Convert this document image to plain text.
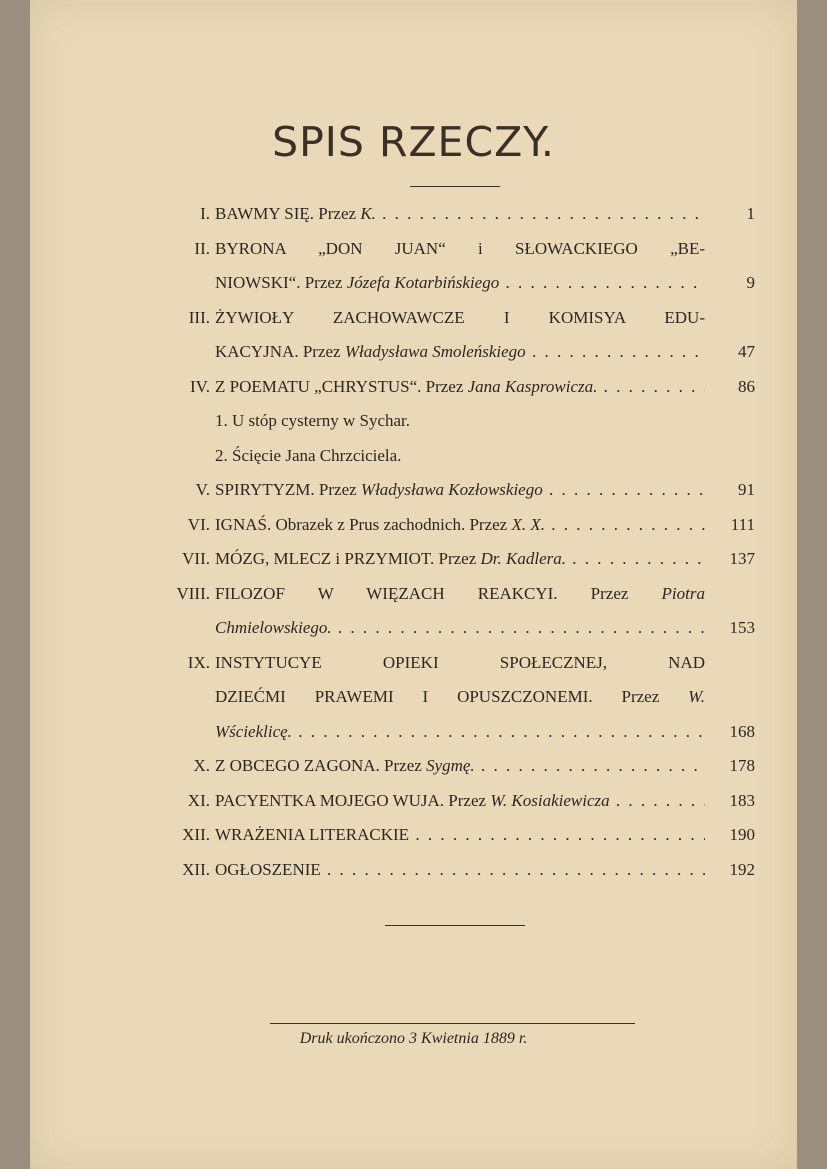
SPIS RZECZY.
I. BAWMY SIĘ. Przez K. . . .	1
II. BYRONA „DON JUAN“ i SŁOWACKIEGO „BE-
NIOWSKI“. Przez Józefa Kotarbińskiego . . .	9
III. ŻYWIOŁY ZACHOWAWCZE I KOMISYA EDU-
KACYJNA. Przez Władysława Smoleńskiego . . .	47
IV. Z POEMATU „CHRYSTUS“. Przez Jana Kasprowicza. . . .	86
1. U stóp cysterny w Sychar.
2. Ścięcie Jana Chrzciciela.
V. SPIRYTYZM. Przez Władysława Kozłowskiego . . .	91
VI. IGNAŚ. Obrazek z Prus zachodnich. Przez X. X. . . .	111
VII. MÓZG, MLECZ i PRZYMIOT. Przez Dr. Kadlera. . . .	137
VIII. FILOZOF W WIĘZACH REAKCYI. Przez Piotra
Chmielowskiego. . . .	153
IX. INSTYTUCYE OPIEKI SPOŁECZNEJ, NAD
DZIEĆMI PRAWEMI I OPUSZCZONEMI. Przez W.
Wścieklicę. . . .	168
X. Z OBCEGO ZAGONA. Przez Sygmę. . . .	178
XI. PACYENTKA MOJEGO WUJA. Przez W. Kosiakiewicza . . .	183
XII. WRAŻENIA LITERACKIE . . .	190
XII. OGŁOSZENIE . . .	192
Druk ukończono 3 Kwietnia 1889 r.
